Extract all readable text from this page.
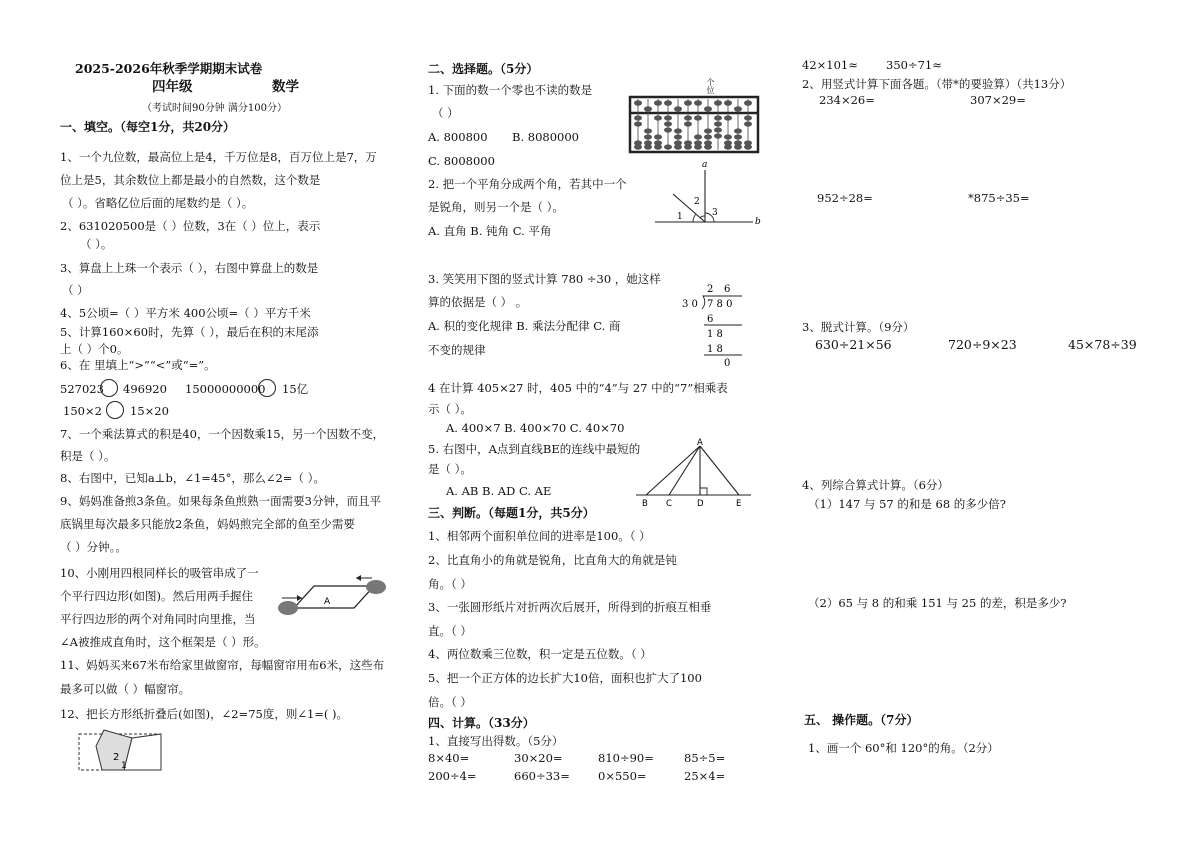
2025-2026年秋季学期期末试卷
四年级	数学
（考试时间90分钟 满分100分）
一、填空。（每空1分，共20分）
1、一个九位数，最高位上是4，千万位是8，百万位上是7，万
位上是5，其余数位上都是最小的自然数，这个数是
（ ）。省略亿位后面的尾数约是（ ）。
2、631020500是（ ）位数，3在（ ）位上，表示
（ ）。
3、算盘上上珠一个表示（ ），右图中算盘上的数是
（ ）
4、5公顷=（ ）平方米 400公顷=（ ）平方千米
5、计算160×60时，先算（ ），最后在积的末尾添
上（ ）个0。
6、在 里填上“>”“<”或“=”。
527023 496920 15000000000 15亿
150×2 15×20
7、一个乘法算式的积是40，一个因数乘15，另一个因数不变，
积是（ ）。
8、右图中，已知a⊥b，∠1=45°，那么∠2=（ ）。
9、妈妈准备煎3条鱼。如果每条鱼煎熟一面需要3分钟，而且平
底锅里每次最多只能放2条鱼，妈妈煎完全部的鱼至少需要
（ ）分钟。。
10、小刚用四根同样长的吸管串成了一
个平行四边形(如图)。然后用两手握住
平行四边形的两个对角同时向里推，当
∠A被推成直角时，这个框架是（ ）形。
A
11、妈妈买来67米布给家里做窗帘，每幅窗帘用布6米，这些布
最多可以做（ ）幅窗帘。
12、把长方形纸折叠后(如图)，∠2=75度，则∠1=( )。
2
1
二、选择题。（5分）
1. 下面的数一个零也不读的数是
（ ）
A. 800800 B. 8080000
C. 8008000
个位
2. 把一个平角分成两个角，若其中一个
是锐角，则另一个是（ ）。
A. 直角 B. 钝角 C. 平角
a
b
1
2
3
3. 笑笑用下图的竖式计算 780 ÷30 ，她这样
算的依据是（ ） 。
A. 积的变化规律 B. 乘法分配律 C. 商
不变的规律
2 6
3 0 7 8 0
6
1 8
1 8
0
4 在计算 405×27 时，405 中的“4”与 27 中的“7”相乘表
示（ ）。
A. 400×7 B. 400×70 C. 40×70
5. 右图中，A点到直线BE的连线中最短的
是（ ）。
A. AB B. AD C. AE
A
B C	D	E
三、判断。（每题1分，共5分）
1、相邻两个面积单位间的进率是100。（ ）
2、比直角小的角就是锐角，比直角大的角就是钝
角。（ ）
3、一张圆形纸片对折两次后展开，所得到的折痕互相垂
直。（ ）
4、两位数乘三位数，积一定是五位数。（ ）
5、把一个正方体的边长扩大10倍，面积也扩大了100
倍。（ ）
四、计算。（33分）
1、直接写出得数。（5分）
8×40=	30×20=	810÷90=	85÷5=
200÷4=	660÷33= 0×550=	25×4=
42×101≈ 350÷71≈
2、用竖式计算下面各题。（带*的要验算）（共13分）
234×26=	307×29=
952÷28=	*875÷35=
3、脱式计算。（9分）
630÷21×56	720÷9×23	45×78÷39
4、列综合算式计算。（6分）
（1）147 与 57 的和是 68 的多少倍?
（2）65 与 8 的和乘 151 与 25 的差，积是多少?
五、 操作题。（7分）
1、画一个 60°和 120°的角。（2分）
